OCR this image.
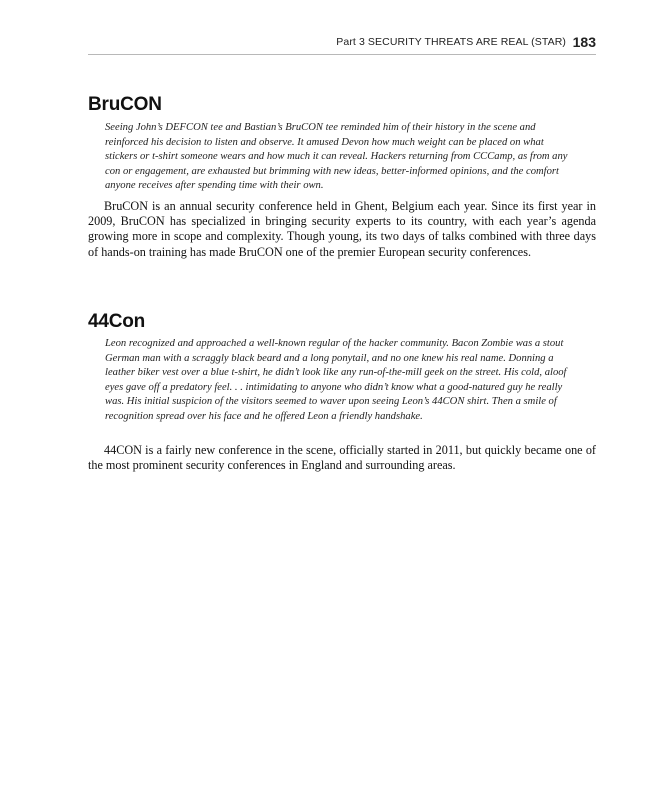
Part 3 SECURITY THREATS ARE REAL (STAR) 183
BruCON

Seeing John’s DEFCON tee and Bastian’s BruCON tee reminded him of their history in the scene and reinforced his decision to listen and observe. It amused Devon how much weight can be placed on what stickers or t-shirt someone wears and how much it can reveal. Hackers returning from CCCamp, as from any con or engagement, are exhausted but brimming with new ideas, better-informed opinions, and the comfort anyone receives after spending time with their own.

BruCON is an annual security conference held in Ghent, Belgium each year. Since its first year in 2009, BruCON has specialized in bringing security experts to its country, with each year’s agenda growing more in scope and complexity. Though young, its two days of talks combined with three days of hands-on training has made BruCON one of the premier European security conferences.

44Con

Leon recognized and approached a well-known regular of the hacker community. Bacon Zombie was a stout German man with a scraggly black beard and a long ponytail, and no one knew his real name. Donning a leather biker vest over a blue t-shirt, he didn’t look like any run-of-the-mill geek on the street. His cold, aloof eyes gave off a predatory feel. . . intimidating to anyone who didn’t know what a good-natured guy he really was. His initial suspicion of the visitors seemed to waver upon seeing Leon’s 44CON shirt. Then a smile of recognition spread over his face and he offered Leon a friendly handshake.

44CON is a fairly new conference in the scene, officially started in 2011, but quickly became one of the most prominent security conferences in England and surrounding areas.
